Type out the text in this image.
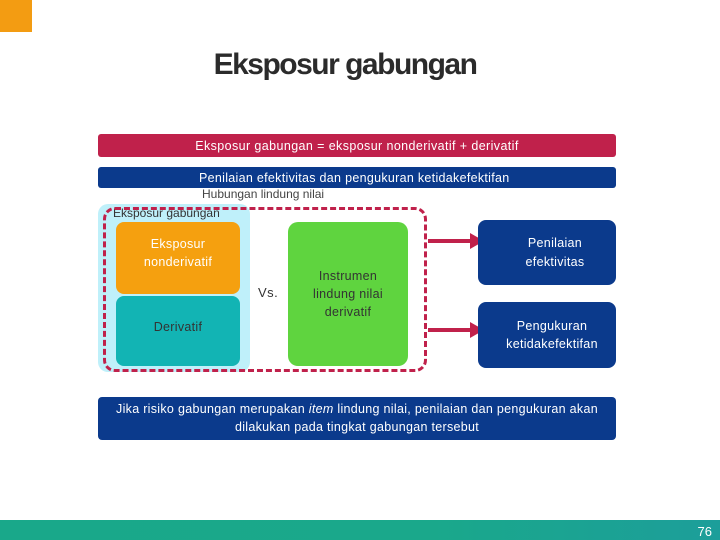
Eksposur gabungan
Eksposur gabungan = eksposur nonderivatif + derivatif
Penilaian efektivitas dan pengukuran ketidakefektifan
Hubungan lindung nilai
Eksposur gabungan
Eksposur
nonderivatif
Derivatif
Vs.
Instrumen
lindung nilai
derivatif
Penilaian
efektivitas
Pengukuran
ketidakefektifan
Jika risiko gabungan merupakan item lindung nilai, penilaian dan pengukuran akan dilakukan pada tingkat gabungan tersebut
76
